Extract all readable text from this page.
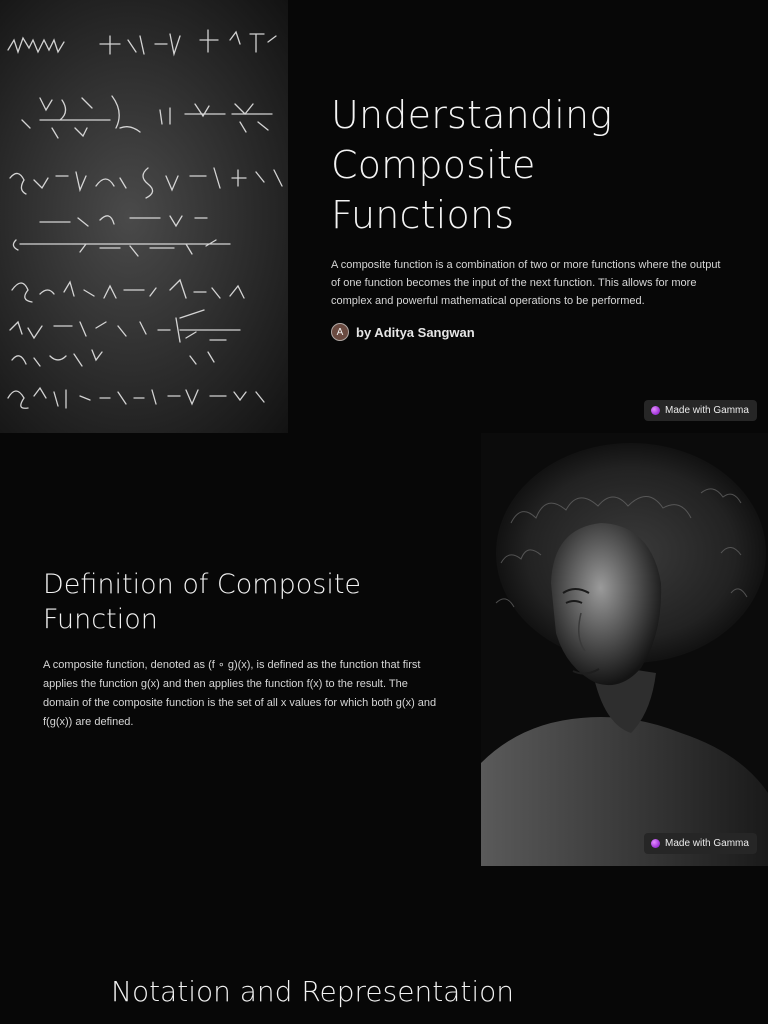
Understanding
Composite
Functions

A composite function is a combination of two or more functions where the output of one function becomes the input of the next function. This allows for more complex and powerful mathematical operations to be performed.

A by Aditya Sangwan
Made with Gamma
Definition of Composite
Function

A composite function, denoted as (f ∘ g)(x), is defined as the function that first applies the function g(x) and then applies the function f(x) to the result. The domain of the composite function is the set of all x values for which both g(x) and f(g(x)) are defined.

Made with Gamma
Notation and Representation
